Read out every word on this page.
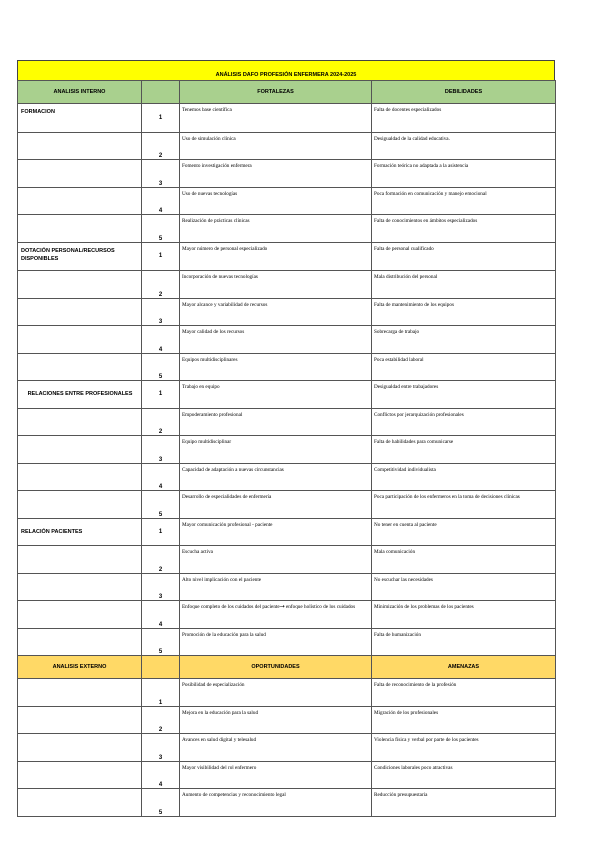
ANÁLISIS DAFO PROFESIÓN ENFERMERA 2024-2025
ANALISIS INTERNO		FORTALEZAS	DEBILIDADES
FORMACION	1	Tenemos base científica	Falta de docentes especializados
	2	Uso de simulación clínica	Desigualdad de la calidad educativa.
	3	Fomento investigación enfermera	Formación teórica no adaptada a la asistencia
	4	Uso de nuevas tecnologías	Poca formación en comunicación y manejo emocional
	5	Realización de prácticas clínicas	Falta de conocimientos en ámbitos especializados
DOTACIÓN PERSONAL/RECURSOS DISPONIBLES	1	Mayor número de personal especializado	Falta de personal cualificado
	2	Incorporación de nuevas tecnologías	Mala distribución del personal
	3	Mayor alcance y variabilidad de recursos	Falta de mantenimiento de los equipos
	4	Mayor calidad de los recursos	Sobrecarga de trabajo
	5	Equipos multidisciplinares	Poca estabilidad laboral
RELACIONES ENTRE PROFESIONALES	1	Trabajo en equipo	Desigualdad entre trabajadores
	2	Empoderamiento profesional	Conflictos por jerarquización profesionales
	3	Equipo multidisciplinar	Falta de habilidades para comunicarse
	4	Capacidad de adaptación a nuevas circunstancias	Competitividad individualista
	5	Desarrollo de especialidades de enfermería	Poca participación de los enfermeros en la toma de decisiones clínicas
RELACIÓN PACIENTES	1	Mayor comunicación profesional - paciente	No tener en cuenta al paciente
	2	Escucha activa	Mala comunicación
	3	Alto nivel implicación con el paciente	No escuchar las necesidades
	4	Enfoque completo de los cuidados del paciente→ enfoque holístico de los cuidados	Minimización de los problemas de los pacientes
	5	Promoción de la educación para la salud	Falta de humanización
ANALISIS EXTERNO		OPORTUNIDADES	AMENAZAS
	1	Posibilidad de especialización	Falta de reconocimiento de la profesión
	2	Mejora en la educación para la salud	Migración de los profesionales
	3	Avances en salud digital y telesalud	Violencia física y verbal por parte de los pacientes
	4	Mayor visibilidad del rol enfermero	Condiciones laborales poco atractivas
	5	Aumento de competencias y reconocimiento legal	Reducción presupuestaria
